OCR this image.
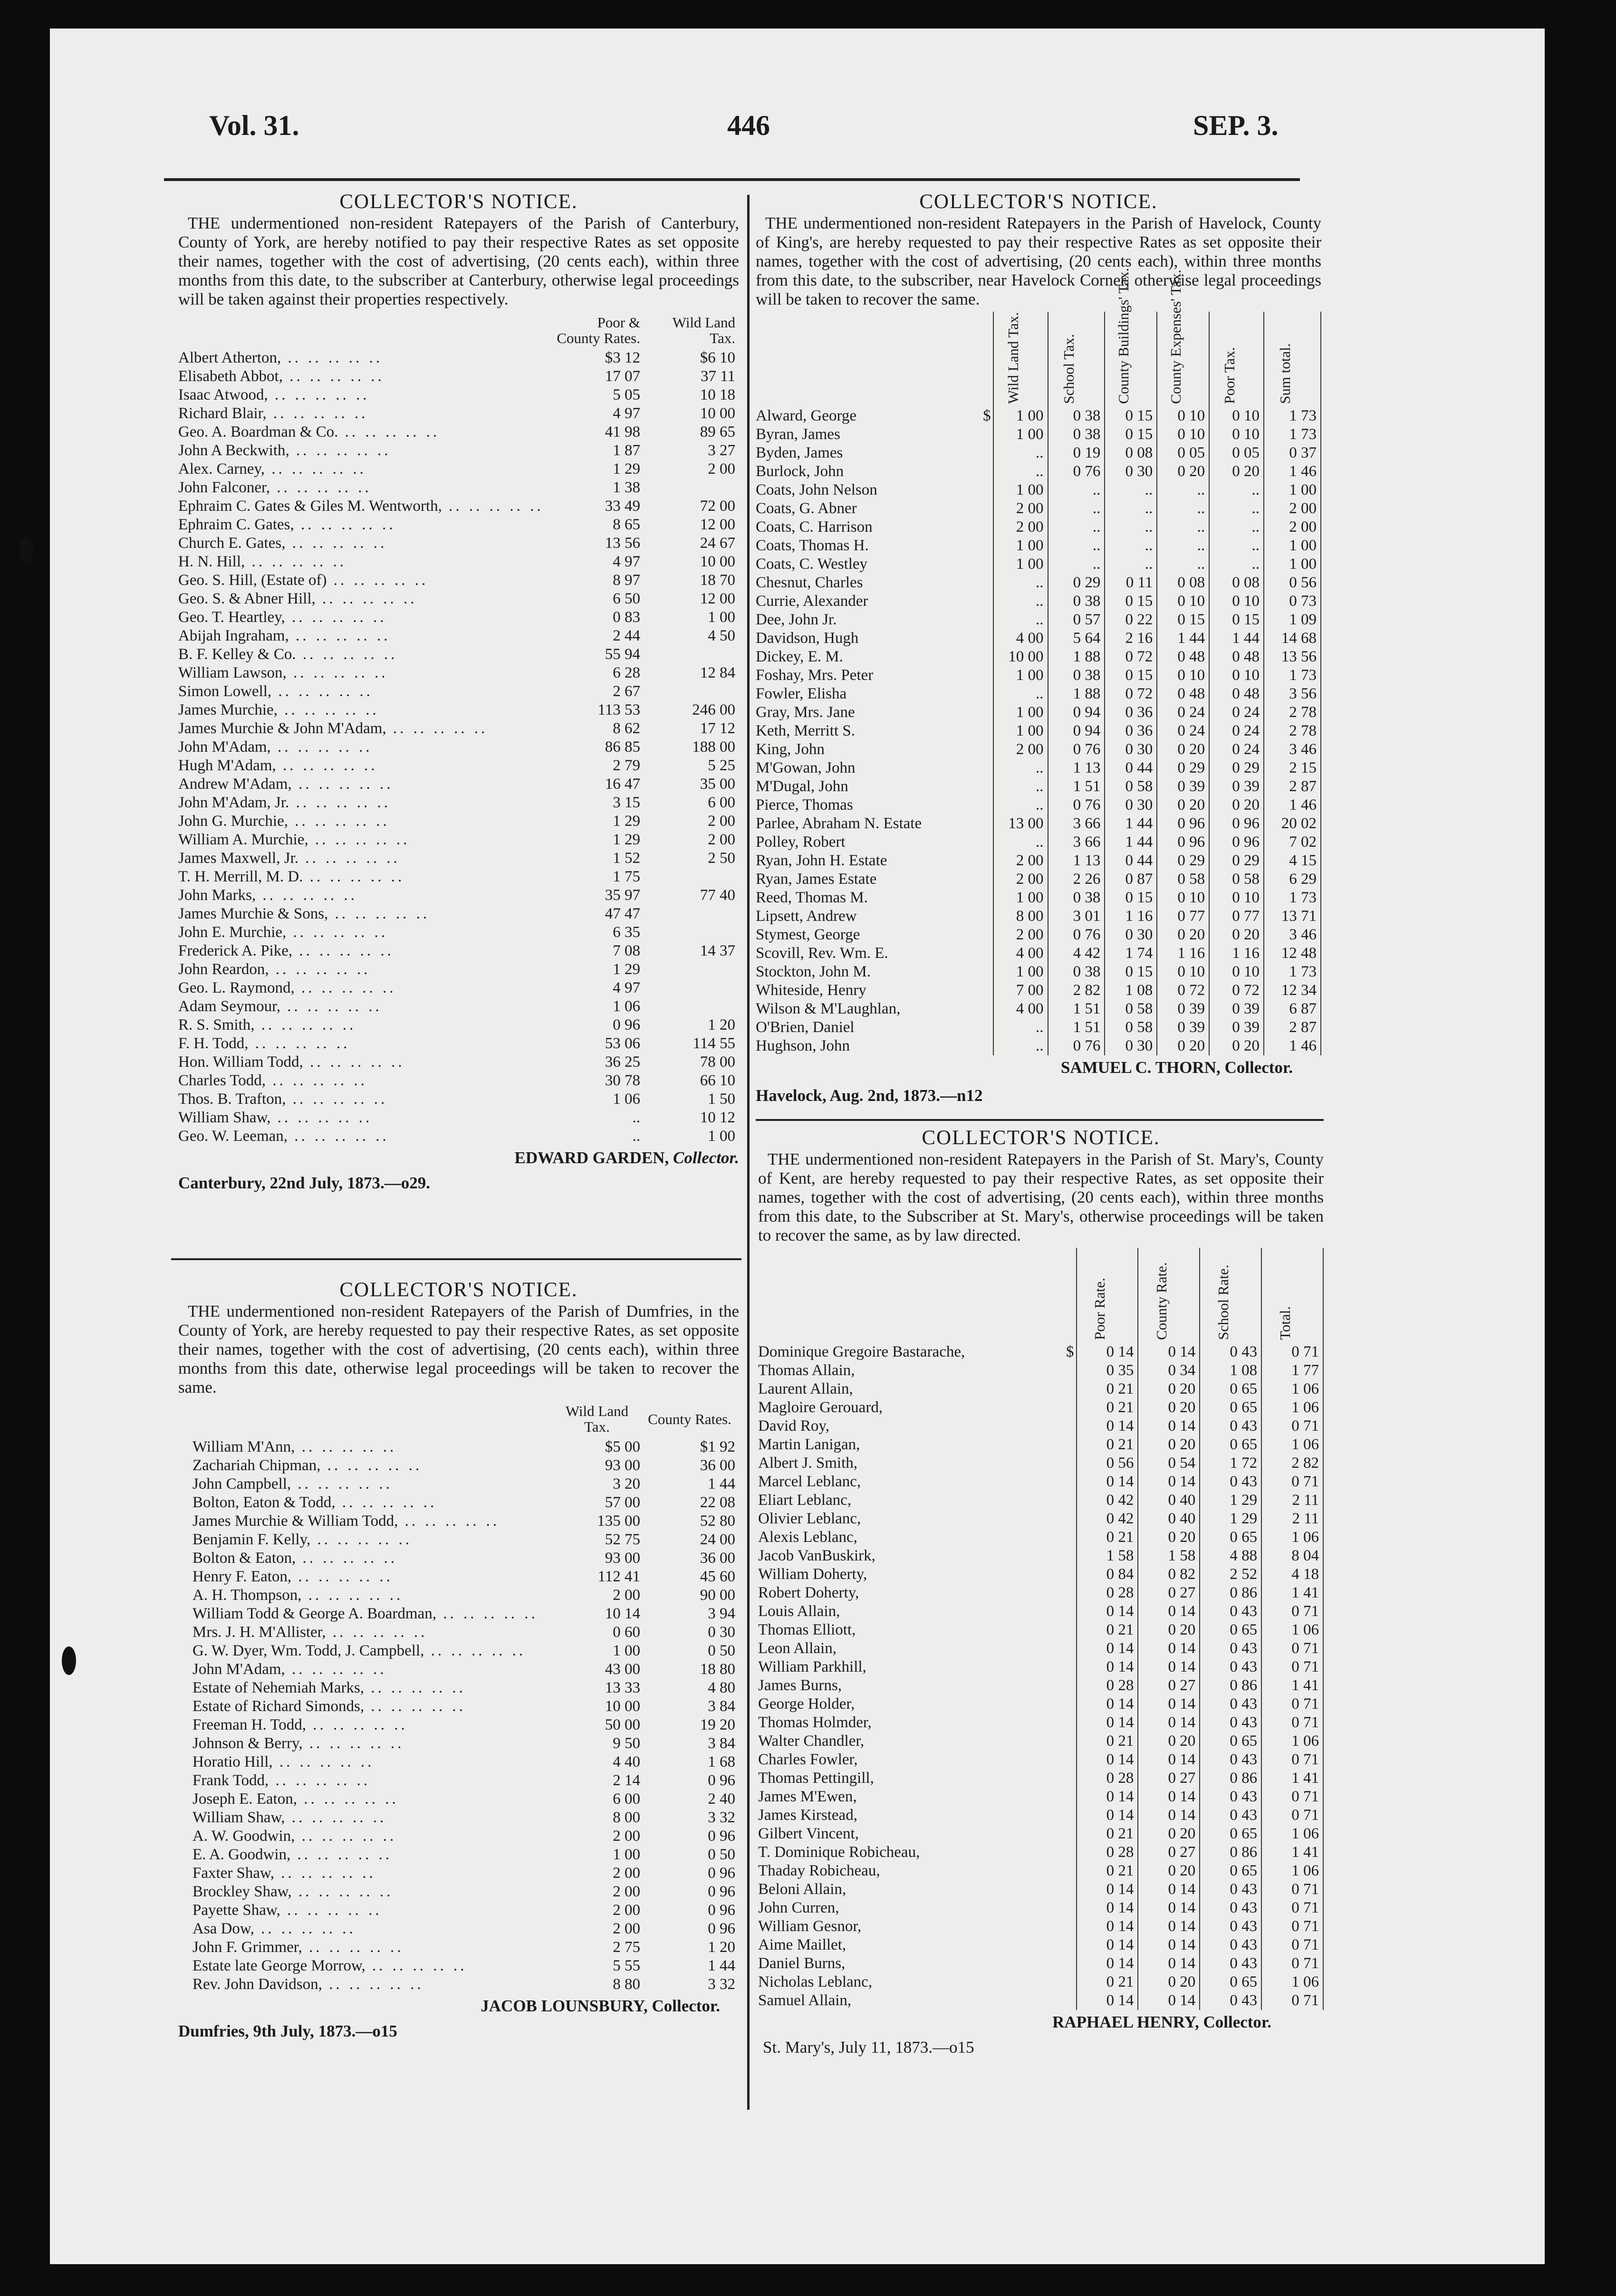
Vol. 31.	446	SEP. 3.
COLLECTOR'S NOTICE.
THE undermentioned non-resident Ratepayers of the Parish of Canterbury, County of York, are hereby notified to pay their respective Rates as set opposite their names, together with the cost of advertising, (20 cents each), within three months from this date, to the subscriber at Canterbury, otherwise legal proceedings will be taken against their properties respectively.
	Poor & County Rates.	Wild Land Tax.
Albert Atherton, .. .. .. .. ..	$3 12	$6 10
Elisabeth Abbot, .. .. .. .. ..	17 07	37 11
Isaac Atwood, .. .. .. .. ..	5 05	10 18
Richard Blair, .. .. .. .. ..	4 97	10 00
Geo. A. Boardman & Co. .. .. .. .. ..	41 98	89 65
John A Beckwith, .. .. .. .. ..	1 87	3 27
Alex. Carney, .. .. .. .. ..	1 29	2 00
John Falconer, .. .. .. .. ..	1 38	
Ephraim C. Gates & Giles M. Wentworth, .. .. .. .. ..	33 49	72 00
Ephraim C. Gates, .. .. .. .. ..	8 65	12 00
Church E. Gates, .. .. .. .. ..	13 56	24 67
H. N. Hill, .. .. .. .. ..	4 97	10 00
Geo. S. Hill, (Estate of) .. .. .. .. ..	8 97	18 70
Geo. S. & Abner Hill, .. .. .. .. ..	6 50	12 00
Geo. T. Heartley, .. .. .. .. ..	0 83	1 00
Abijah Ingraham, .. .. .. .. ..	2 44	4 50
B. F. Kelley & Co. .. .. .. .. ..	55 94	
William Lawson, .. .. .. .. ..	6 28	12 84
Simon Lowell, .. .. .. .. ..	2 67	
James Murchie, .. .. .. .. ..	113 53	246 00
James Murchie & John M'Adam, .. .. .. .. ..	8 62	17 12
John M'Adam, .. .. .. .. ..	86 85	188 00
Hugh M'Adam, .. .. .. .. ..	2 79	5 25
Andrew M'Adam, .. .. .. .. ..	16 47	35 00
John M'Adam, Jr. .. .. .. .. ..	3 15	6 00
John G. Murchie, .. .. .. .. ..	1 29	2 00
William A. Murchie, .. .. .. .. ..	1 29	2 00
James Maxwell, Jr. .. .. .. .. ..	1 52	2 50
T. H. Merrill, M. D. .. .. .. .. ..	1 75	
John Marks, .. .. .. .. ..	35 97	77 40
James Murchie & Sons, .. .. .. .. ..	47 47	
John E. Murchie, .. .. .. .. ..	6 35	
Frederick A. Pike, .. .. .. .. ..	7 08	14 37
John Reardon, .. .. .. .. ..	1 29	
Geo. L. Raymond, .. .. .. .. ..	4 97	
Adam Seymour, .. .. .. .. ..	1 06	
R. S. Smith, .. .. .. .. ..	0 96	1 20
F. H. Todd, .. .. .. .. ..	53 06	114 55
Hon. William Todd, .. .. .. .. ..	36 25	78 00
Charles Todd, .. .. .. .. ..	30 78	66 10
Thos. B. Trafton, .. .. .. .. ..	1 06	1 50
William Shaw, .. .. .. .. ..	..	10 12
Geo. W. Leeman, .. .. .. .. ..	..	1 00
EDWARD GARDEN, Collector.
Canterbury, 22nd July, 1873.—o29.
COLLECTOR'S NOTICE.
THE undermentioned non-resident Ratepayers of the Parish of Dumfries, in the County of York, are hereby requested to pay their respective Rates, as set opposite their names, together with the cost of advertising, (20 cents each), within three months from this date, otherwise legal proceedings will be taken to recover the same.
	Wild Land Tax.	County Rates.
William M'Ann, .. .. .. .. ..	$5 00	$1 92
Zachariah Chipman, .. .. .. .. ..	93 00	36 00
John Campbell, .. .. .. .. ..	3 20	1 44
Bolton, Eaton & Todd, .. .. .. .. ..	57 00	22 08
James Murchie & William Todd, .. .. .. .. ..	135 00	52 80
Benjamin F. Kelly, .. .. .. .. ..	52 75	24 00
Bolton & Eaton, .. .. .. .. ..	93 00	36 00
Henry F. Eaton, .. .. .. .. ..	112 41	45 60
A. H. Thompson, .. .. .. .. ..	2 00	90 00
William Todd & George A. Boardman, .. .. .. .. ..	10 14	3 94
Mrs. J. H. M'Allister, .. .. .. .. ..	0 60	0 30
G. W. Dyer, Wm. Todd, J. Campbell, .. .. .. .. ..	1 00	0 50
John M'Adam, .. .. .. .. ..	43 00	18 80
Estate of Nehemiah Marks, .. .. .. .. ..	13 33	4 80
Estate of Richard Simonds, .. .. .. .. ..	10 00	3 84
Freeman H. Todd, .. .. .. .. ..	50 00	19 20
Johnson & Berry, .. .. .. .. ..	9 50	3 84
Horatio Hill, .. .. .. .. ..	4 40	1 68
Frank Todd, .. .. .. .. ..	2 14	0 96
Joseph E. Eaton, .. .. .. .. ..	6 00	2 40
William Shaw, .. .. .. .. ..	8 00	3 32
A. W. Goodwin, .. .. .. .. ..	2 00	0 96
E. A. Goodwin, .. .. .. .. ..	1 00	0 50
Faxter Shaw, .. .. .. .. ..	2 00	0 96
Brockley Shaw, .. .. .. .. ..	2 00	0 96
Payette Shaw, .. .. .. .. ..	2 00	0 96
Asa Dow, .. .. .. .. ..	2 00	0 96
John F. Grimmer, .. .. .. .. ..	2 75	1 20
Estate late George Morrow, .. .. .. .. ..	5 55	1 44
Rev. John Davidson, .. .. .. .. ..	8 80	3 32
JACOB LOUNSBURY, Collector.
Dumfries, 9th July, 1873.—o15
COLLECTOR'S NOTICE.
THE undermentioned non-resident Ratepayers in the Parish of Havelock, County of King's, are hereby requested to pay their respective Rates as set opposite their names, together with the cost of advertising, (20 cents each), within three months from this date, to the subscriber, near Havelock Corner, otherwise legal proceedings will be taken to recover the same.

		Wild Land Tax.	School Tax.	County Buildings' Tax.	County Expenses' Tax.	Poor Tax.	Sum total.

Alward, George	$	1 00	0 38	0 15	0 10	0 10	1 73
Byran, James		1 00	0 38	0 15	0 10	0 10	1 73
Byden, James		..	0 19	0 08	0 05	0 05	0 37
Burlock, John		..	0 76	0 30	0 20	0 20	1 46
Coats, John Nelson		1 00	..	..	..	..	1 00
Coats, G. Abner		2 00	..	..	..	..	2 00
Coats, C. Harrison		2 00	..	..	..	..	2 00
Coats, Thomas H.		1 00	..	..	..	..	1 00
Coats, C. Westley		1 00	..	..	..	..	1 00
Chesnut, Charles		..	0 29	0 11	0 08	0 08	0 56
Currie, Alexander		..	0 38	0 15	0 10	0 10	0 73
Dee, John Jr.		..	0 57	0 22	0 15	0 15	1 09
Davidson, Hugh		4 00	5 64	2 16	1 44	1 44	14 68
Dickey, E. M.		10 00	1 88	0 72	0 48	0 48	13 56
Foshay, Mrs. Peter		1 00	0 38	0 15	0 10	0 10	1 73
Fowler, Elisha		..	1 88	0 72	0 48	0 48	3 56
Gray, Mrs. Jane		1 00	0 94	0 36	0 24	0 24	2 78
Keth, Merritt S.		1 00	0 94	0 36	0 24	0 24	2 78
King, John		2 00	0 76	0 30	0 20	0 24	3 46
M'Gowan, John		..	1 13	0 44	0 29	0 29	2 15
M'Dugal, John		..	1 51	0 58	0 39	0 39	2 87
Pierce, Thomas		..	0 76	0 30	0 20	0 20	1 46
Parlee, Abraham N. Estate		13 00	3 66	1 44	0 96	0 96	20 02
Polley, Robert		..	3 66	1 44	0 96	0 96	7 02
Ryan, John H. Estate		2 00	1 13	0 44	0 29	0 29	4 15
Ryan, James Estate		2 00	2 26	0 87	0 58	0 58	6 29
Reed, Thomas M.		1 00	0 38	0 15	0 10	0 10	1 73
Lipsett, Andrew		8 00	3 01	1 16	0 77	0 77	13 71
Stymest, George		2 00	0 76	0 30	0 20	0 20	3 46
Scovill, Rev. Wm. E.		4 00	4 42	1 74	1 16	1 16	12 48
Stockton, John M.		1 00	0 38	0 15	0 10	0 10	1 73
Whiteside, Henry		7 00	2 82	1 08	0 72	0 72	12 34
Wilson & M'Laughlan,		4 00	1 51	0 58	0 39	0 39	6 87
O'Brien, Daniel		..	1 51	0 58	0 39	0 39	2 87
Hughson, John		..	0 76	0 30	0 20	0 20	1 46
SAMUEL C. THORN, Collector.
Havelock, Aug. 2nd, 1873.—n12
COLLECTOR'S NOTICE.
THE undermentioned non-resident Ratepayers in the Parish of St. Mary's, County of Kent, are hereby requested to pay their respective Rates, as set opposite their names, together with the cost of advertising, (20 cents each), within three months from this date, to the Subscriber at St. Mary's, otherwise proceedings will be taken to recover the same, as by law directed.

		Poor Rate.	County Rate.	School Rate.	Total.

Dominique Gregoire Bastarache,	$	0 14	0 14	0 43	0 71
Thomas Allain,		0 35	0 34	1 08	1 77
Laurent Allain,		0 21	0 20	0 65	1 06
Magloire Gerouard,		0 21	0 20	0 65	1 06
David Roy,		0 14	0 14	0 43	0 71
Martin Lanigan,		0 21	0 20	0 65	1 06
Albert J. Smith,		0 56	0 54	1 72	2 82
Marcel Leblanc,		0 14	0 14	0 43	0 71
Eliart Leblanc,		0 42	0 40	1 29	2 11
Olivier Leblanc,		0 42	0 40	1 29	2 11
Alexis Leblanc,		0 21	0 20	0 65	1 06
Jacob VanBuskirk,		1 58	1 58	4 88	8 04
William Doherty,		0 84	0 82	2 52	4 18
Robert Doherty,		0 28	0 27	0 86	1 41
Louis Allain,		0 14	0 14	0 43	0 71
Thomas Elliott,		0 21	0 20	0 65	1 06
Leon Allain,		0 14	0 14	0 43	0 71
William Parkhill,		0 14	0 14	0 43	0 71
James Burns,		0 28	0 27	0 86	1 41
George Holder,		0 14	0 14	0 43	0 71
Thomas Holmder,		0 14	0 14	0 43	0 71
Walter Chandler,		0 21	0 20	0 65	1 06
Charles Fowler,		0 14	0 14	0 43	0 71
Thomas Pettingill,		0 28	0 27	0 86	1 41
James M'Ewen,		0 14	0 14	0 43	0 71
James Kirstead,		0 14	0 14	0 43	0 71
Gilbert Vincent,		0 21	0 20	0 65	1 06
T. Dominique Robicheau,		0 28	0 27	0 86	1 41
Thaday Robicheau,		0 21	0 20	0 65	1 06
Beloni Allain,		0 14	0 14	0 43	0 71
John Curren,		0 14	0 14	0 43	0 71
William Gesnor,		0 14	0 14	0 43	0 71
Aime Maillet,		0 14	0 14	0 43	0 71
Daniel Burns,		0 14	0 14	0 43	0 71
Nicholas Leblanc,		0 21	0 20	0 65	1 06
Samuel Allain,		0 14	0 14	0 43	0 71
RAPHAEL HENRY, Collector.
St. Mary's, July 11, 1873.—o15
